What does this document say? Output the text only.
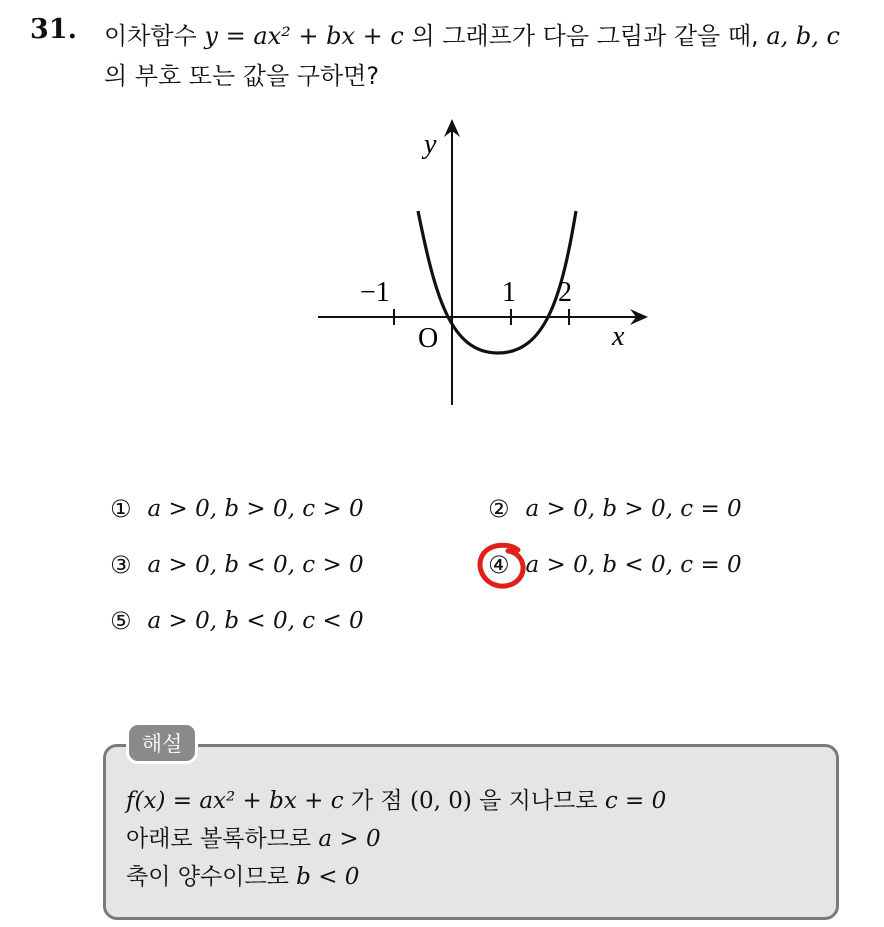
31. 이차함수 y = ax² + bx + c 의 그래프가 다음 그림과 같을 때, a, b, c
의 부호 또는 값을 구하면?
y
x
O
−1	1 2
① a > 0, b > 0, c > 0	② a > 0, b > 0, c = 0
③ a > 0, b < 0, c > 0	④ a > 0, b < 0, c = 0
⑤ a > 0, b < 0, c < 0
해설
f(x) = ax² + bx + c 가 점 (0, 0) 을 지나므로 c = 0
아래로 볼록하므로 a > 0
축이 양수이므로 b < 0
